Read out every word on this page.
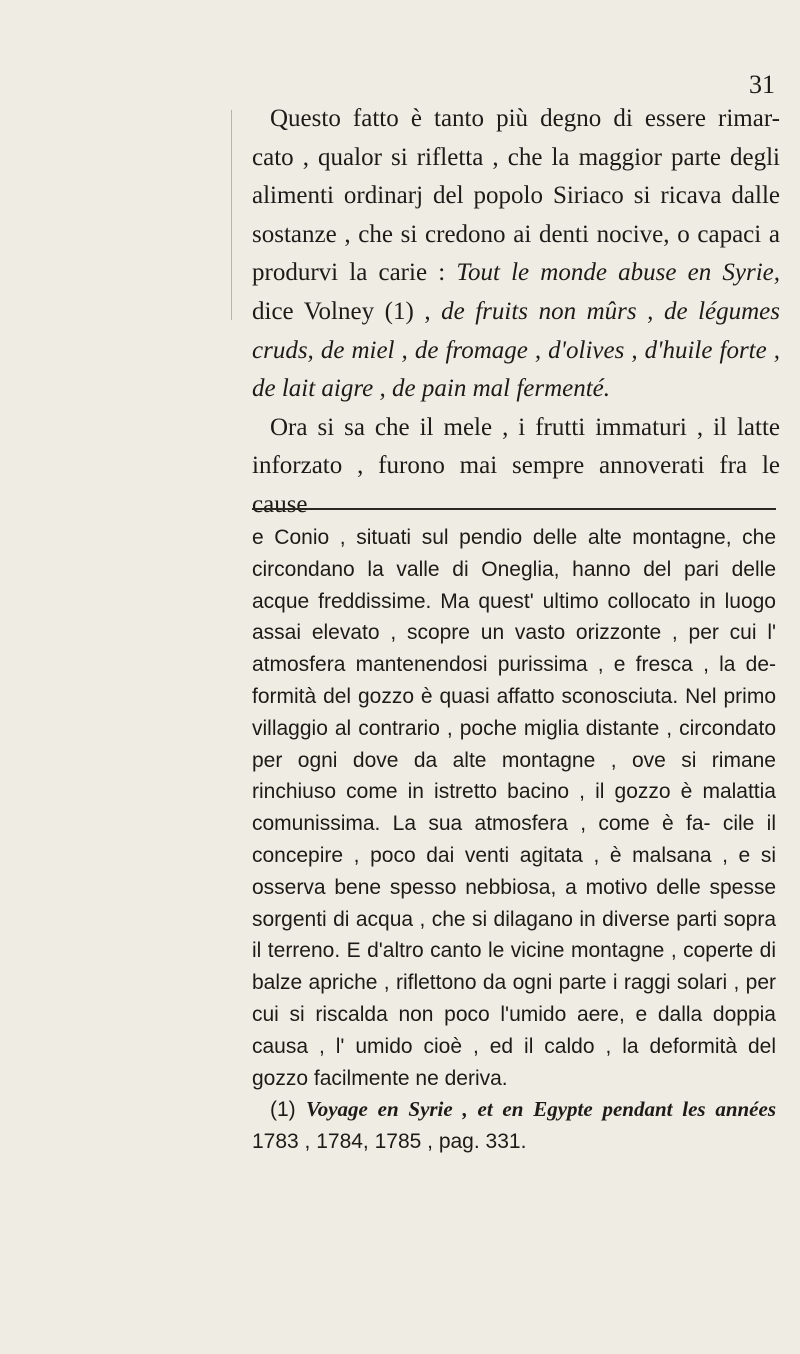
31

Questo fatto è tanto più degno di essere rimar- cato , qualor si rifletta , che la maggior parte degli alimenti ordinarj del popolo Siriaco si ricava dalle sostanze , che si credono ai denti nocive, o capaci a produrvi la carie : Tout le monde abuse en Syrie, dice Volney (1) , de fruits non mûrs , de légumes cruds, de miel , de fromage , d'olives , d'huile forte , de lait aigre , de pain mal fermenté.

Ora si sa che il mele , i frutti immaturi , il latte inforzato , furono mai sempre annoverati fra le cause

e Conio , situati sul pendio delle alte montagne, che circondano la valle di Oneglia, hanno del pari delle acque freddissime. Ma quest' ultimo collocato in luogo assai elevato , scopre un vasto orizzonte , per cui l' atmosfera mantenendosi purissima , e fresca , la de- formità del gozzo è quasi affatto sconosciuta. Nel primo villaggio al contrario , poche miglia distante , circondato per ogni dove da alte montagne , ove si rimane rinchiuso come in istretto bacino , il gozzo è malattia comunissima. La sua atmosfera , come è fa- cile il concepire , poco dai venti agitata , è malsana , e si osserva bene spesso nebbiosa, a motivo delle spesse sorgenti di acqua , che si dilagano in diverse parti sopra il terreno. E d'altro canto le vicine montagne , coperte di balze apriche , riflettono da ogni parte i raggi solari , per cui si riscalda non poco l'umido aere, e dalla doppia causa , l' umido cioè , ed il caldo , la deformità del gozzo facilmente ne deriva.

(1) Voyage en Syrie , et en Egypte pendant les années 1783 , 1784, 1785 , pag. 331.
